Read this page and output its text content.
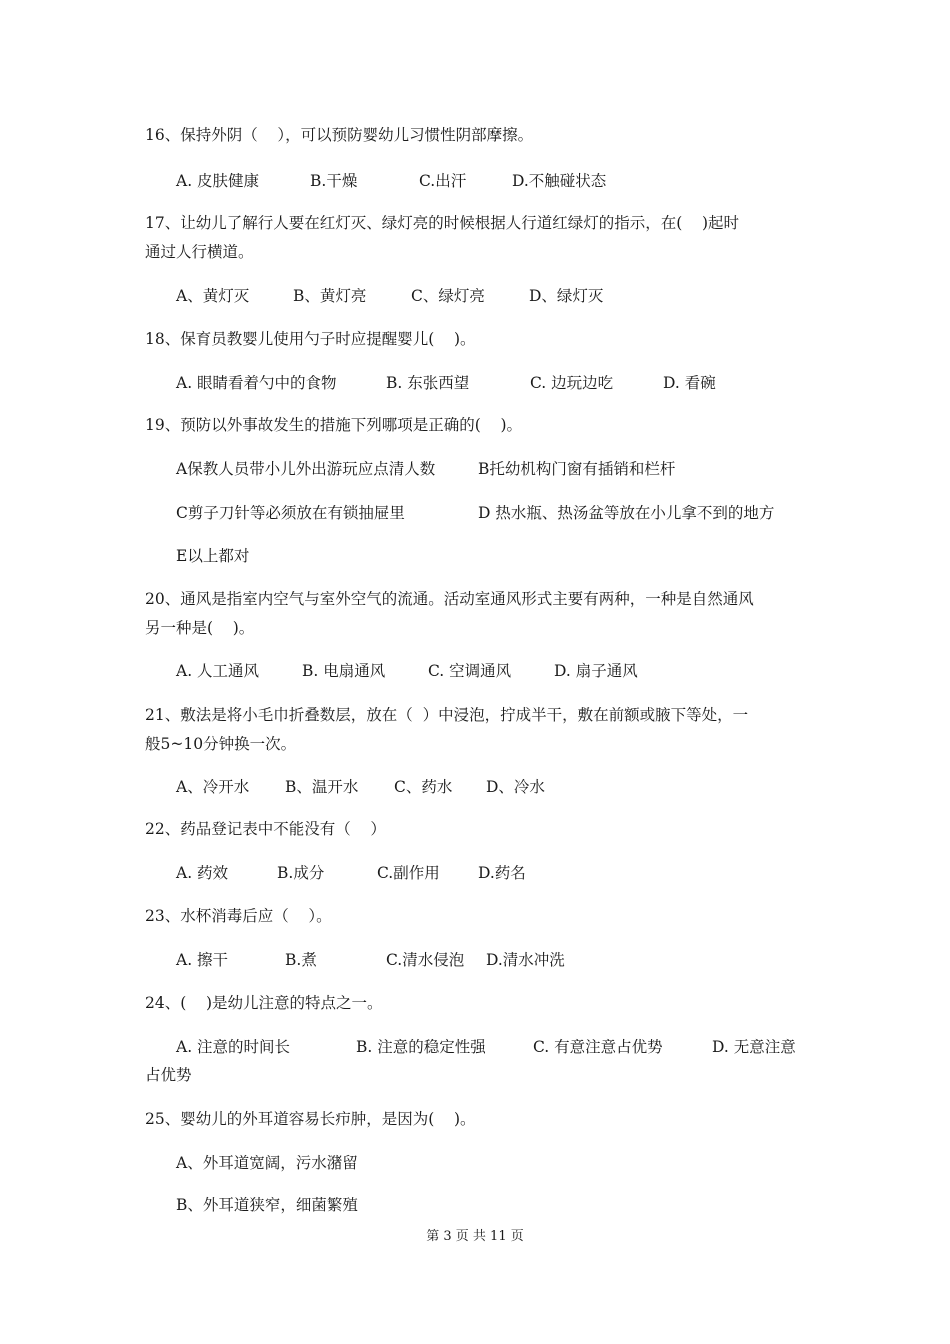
16、保持外阴（    ），可以预防婴幼儿习惯性阴部摩擦。
A. 皮肤健康	B.干燥	C.出汗	D.不触碰状态
17、让幼儿了解行人要在红灯灭、绿灯亮的时候根据人行道红绿灯的指示，在(    )起时
通过人行横道。
A、黄灯灭	B、黄灯亮	C、绿灯亮	D、绿灯灭
18、保育员教婴儿使用勺子时应提醒婴儿(    )。
A. 眼睛看着勺中的食物	B. 东张西望	C. 边玩边吃	D. 看碗
19、预防以外事故发生的措施下列哪项是正确的(    )。
A保教人员带小儿外出游玩应点清人数	B托幼机构门窗有插销和栏杆
C剪子刀针等必须放在有锁抽屉里	D 热水瓶、热汤盆等放在小儿拿不到的地方
E以上都对
20、通风是指室内空气与室外空气的流通。活动室通风形式主要有两种，一种是自然通风
另一种是(    )。
A. 人工通风	B. 电扇通风	C. 空调通风	D. 扇子通风
21、敷法是将小毛巾折叠数层，放在（  ）中浸泡，拧成半干，敷在前额或腋下等处，一
般5~10分钟换一次。
A、冷开水 B、温开水 C、药水 D、冷水
22、药品登记表中不能没有（    ）
A. 药效	B.成分	C.副作用 D.药名
23、水杯消毒后应（    ）。
A. 擦干	B.煮	C.清水侵泡 D.清水冲洗
24、(    )是幼儿注意的特点之一。
A. 注意的时间长	B. 注意的稳定性强	C. 有意注意占优势	D. 无意注意
占优势
25、婴幼儿的外耳道容易长疖肿，是因为(    )。
A、外耳道宽阔，污水潴留
B、外耳道狭窄，细菌繁殖
第 3 页 共 11 页
